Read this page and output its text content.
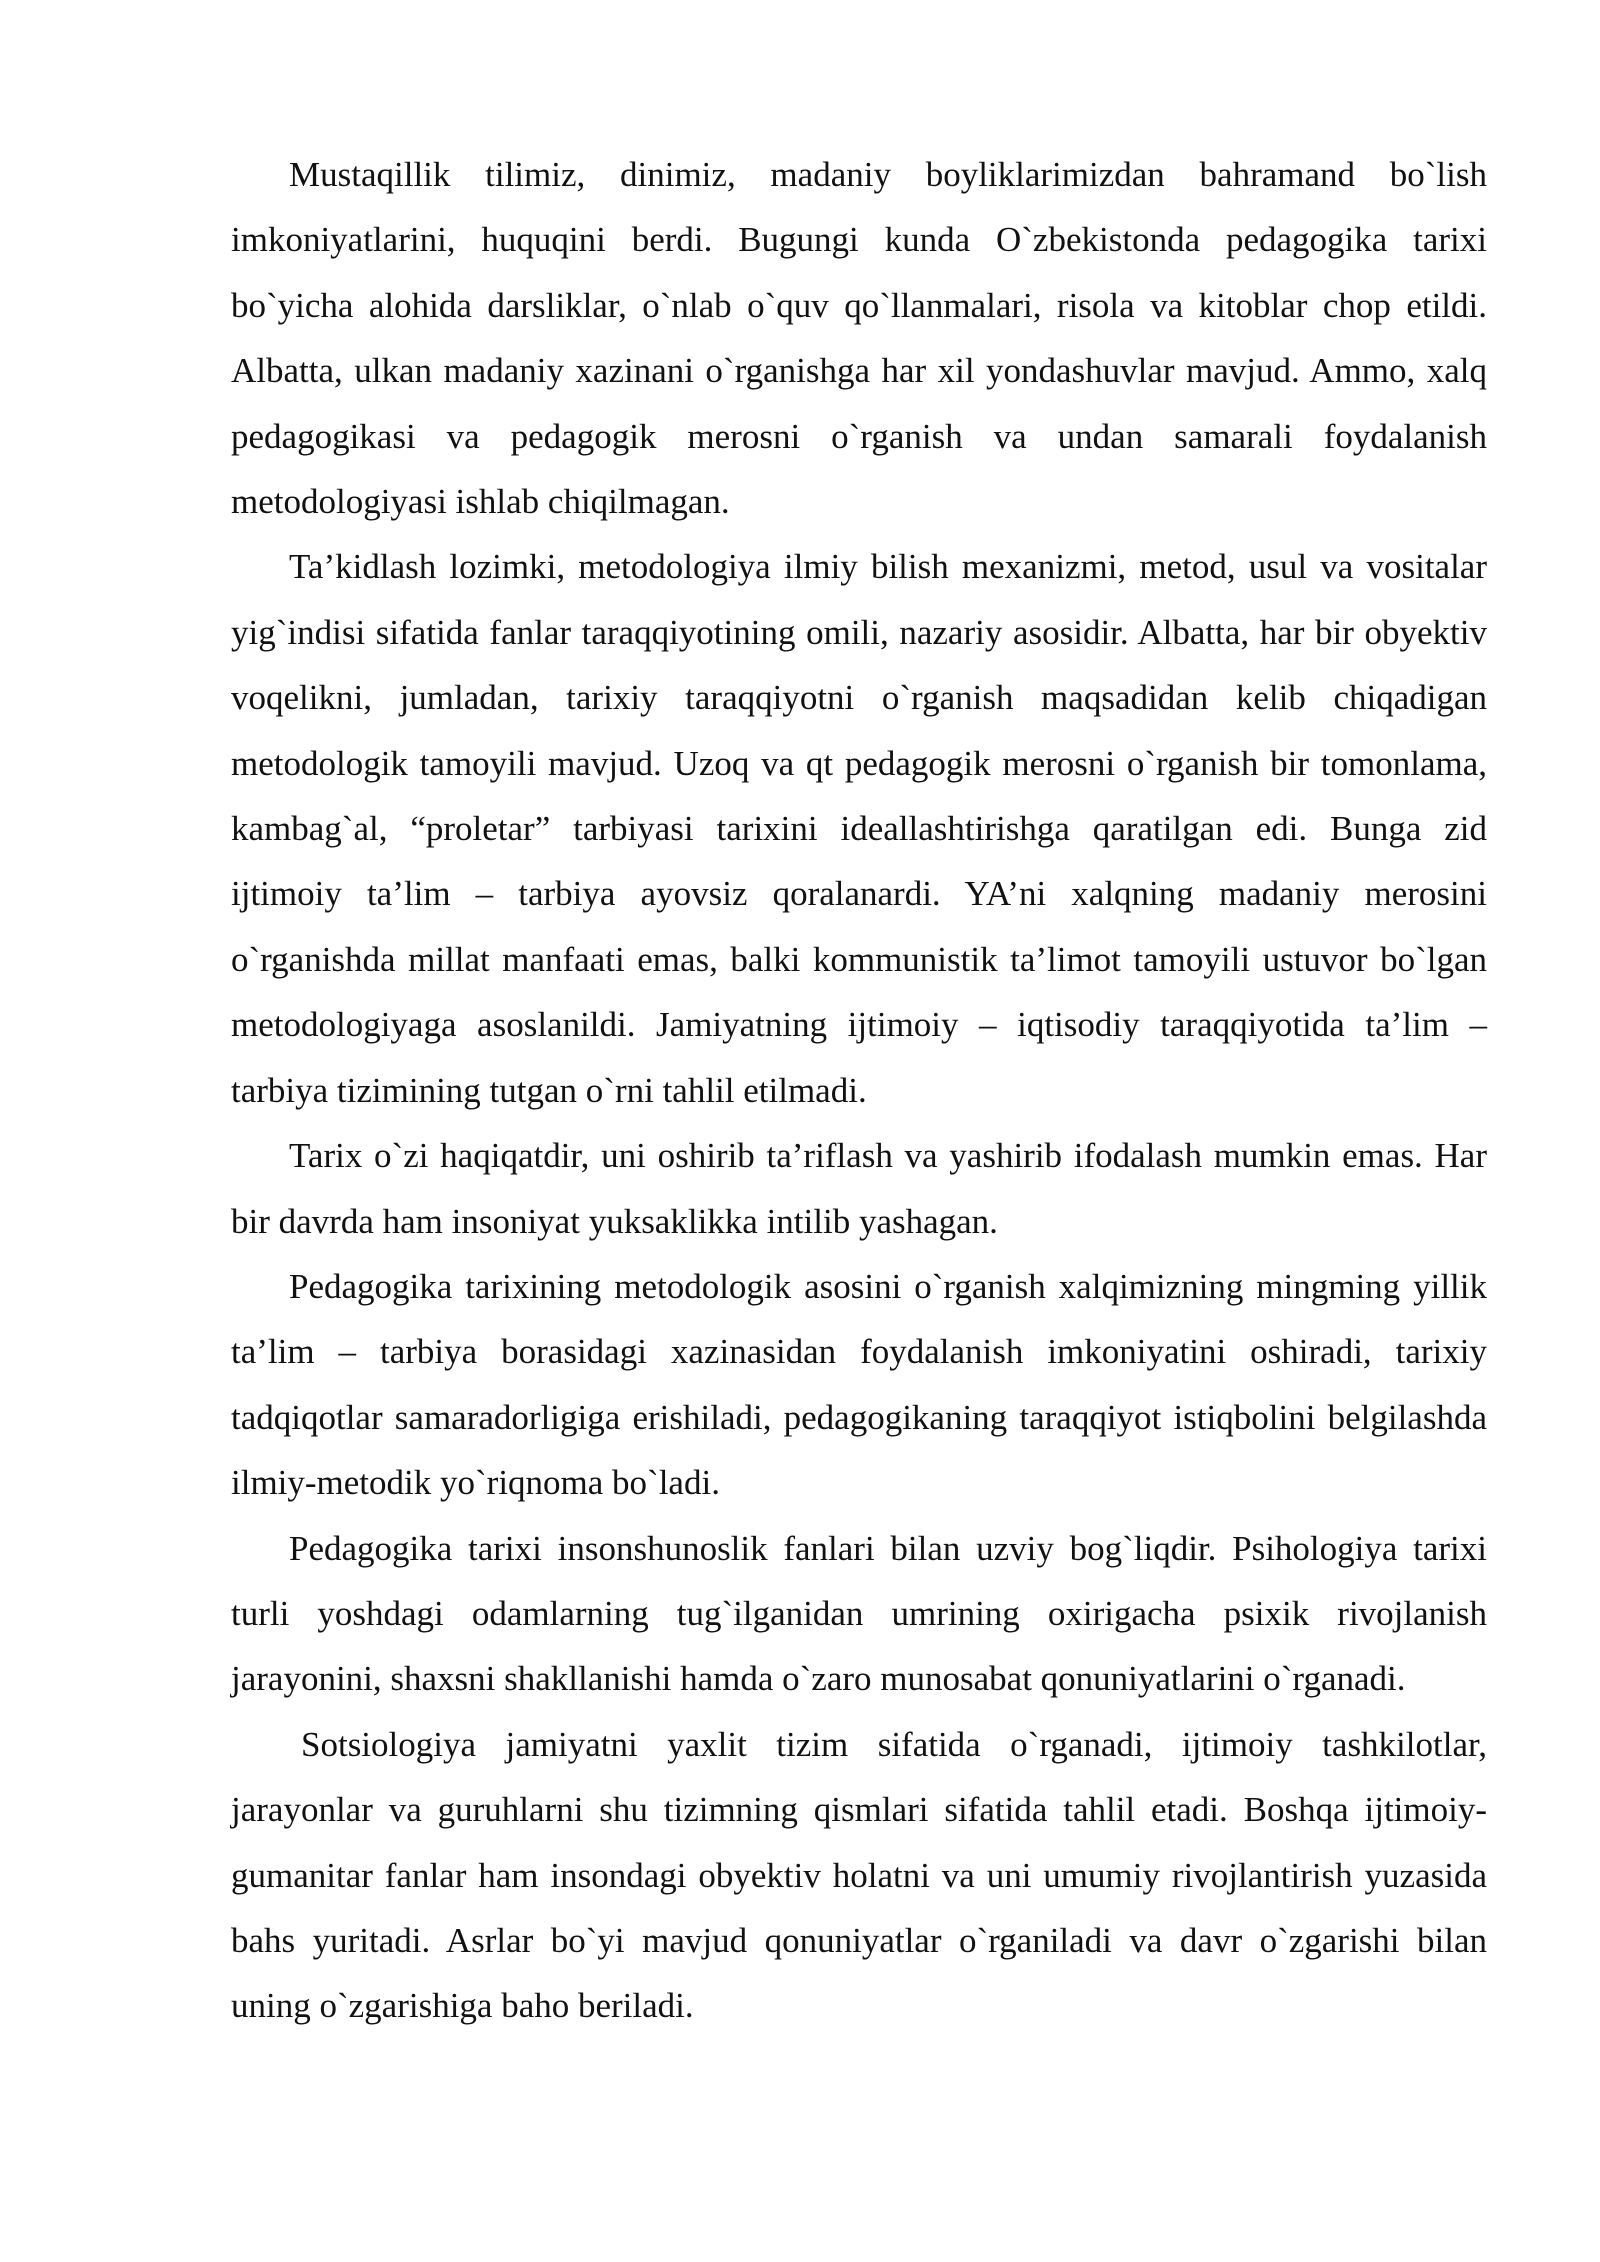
Mustaqillik tilimiz, dinimiz, madaniy boyliklarimizdan bahramand bo`lish imkoniyatlarini, huquqini berdi. Bugungi kunda O`zbekistonda pedagogika tarixi bo`yicha alohida darsliklar, o`nlab o`quv qo`llanmalari, risola va kitoblar chop etildi. Albatta, ulkan madaniy xazinani o`rganishga har xil yondashuvlar mavjud. Ammo, xalq pedagogikasi va pedagogik merosni o`rganish va undan samarali foydalanish metodologiyasi ishlab chiqilmagan.

Ta’kidlash lozimki, metodologiya ilmiy bilish mexanizmi, metod, usul va vositalar yig`indisi sifatida fanlar taraqqiyotining omili, nazariy asosidir. Albatta, har bir obyektiv voqelikni, jumladan, tarixiy taraqqiyotni o`rganish maqsadidan kelib chiqadigan metodologik tamoyili mavjud. Uzoq va qt pedagogik merosni o`rganish bir tomonlama, kambag`al, “proletar” tarbiyasi tarixini ideallashtirishga qaratilgan edi. Bunga zid ijtimoiy ta’lim – tarbiya ayovsiz qoralanardi. YA’ni xalqning madaniy merosini o`rganishda millat manfaati emas, balki kommunistik ta’limot tamoyili ustuvor bo`lgan metodologiyaga asoslanildi. Jamiyatning ijtimoiy – iqtisodiy taraqqiyotida ta’lim – tarbiya tizimining tutgan o`rni tahlil etilmadi.

Tarix o`zi haqiqatdir, uni oshirib ta’riflash va yashirib ifodalash mumkin emas. Har bir davrda ham insoniyat yuksaklikka intilib yashagan.

Pedagogika tarixining metodologik asosini o`rganish xalqimizning mingming yillik ta’lim – tarbiya borasidagi xazinasidan foydalanish imkoniyatini oshiradi, tarixiy tadqiqotlar samaradorligiga erishiladi, pedagogikaning taraqqiyot istiqbolini belgilashda ilmiy-metodik yo`riqnoma bo`ladi.

Pedagogika tarixi insonshunoslik fanlari bilan uzviy bog`liqdir. Psihologiya tarixi turli yoshdagi odamlarning tug`ilganidan umrining oxirigacha psixik rivojlanish jarayonini, shaxsni shakllanishi hamda o`zaro munosabat qonuniyatlarini o`rganadi.

Sotsiologiya jamiyatni yaxlit tizim sifatida o`rganadi, ijtimoiy tashkilotlar, jarayonlar va guruhlarni shu tizimning qismlari sifatida tahlil etadi. Boshqa ijtimoiy-gumanitar fanlar ham insondagi obyektiv holatni va uni umumiy rivojlantirish yuzasida bahs yuritadi. Asrlar bo`yi mavjud qonuniyatlar o`rganiladi va davr o`zgarishi bilan uning o`zgarishiga baho beriladi.
